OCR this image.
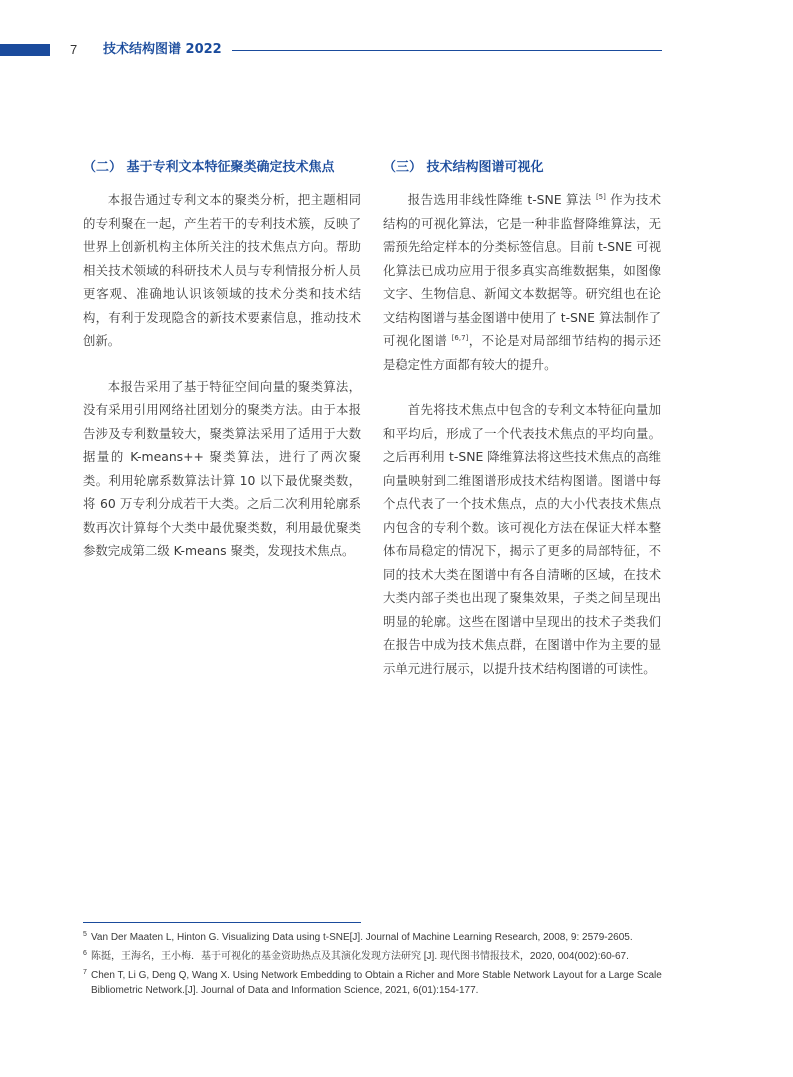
7 技术结构图谱 2022
（二） 基于专利文本特征聚类确定技术焦点

本报告通过专利文本的聚类分析，把主题相同的专利聚在一起，产生若干的专利技术簇，反映了世界上创新机构主体所关注的技术焦点方向。帮助相关技术领域的科研技术人员与专利情报分析人员更客观、准确地认识该领域的技术分类和技术结构，有利于发现隐含的新技术要素信息，推动技术创新。

本报告采用了基于特征空间向量的聚类算法，没有采用引用网络社团划分的聚类方法。由于本报告涉及专利数量较大，聚类算法采用了适用于大数据量的 K-means++ 聚类算法，进行了两次聚类。利用轮廓系数算法计算 10 以下最优聚类数，将 60 万专利分成若干大类。之后二次利用轮廓系数再次计算每个大类中最优聚类数，利用最优聚类参数完成第二级 K-means 聚类，发现技术焦点。

（三） 技术结构图谱可视化

报告选用非线性降维 t-SNE 算法 [5] 作为技术结构的可视化算法，它是一种非监督降维算法，无需预先给定样本的分类标签信息。目前 t-SNE 可视化算法已成功应用于很多真实高维数据集，如图像文字、生物信息、新闻文本数据等。研究组也在论文结构图谱与基金图谱中使用了 t-SNE 算法制作了可视化图谱 [6,7]，不论是对局部细节结构的揭示还是稳定性方面都有较大的提升。

首先将技术焦点中包含的专利文本特征向量加和平均后，形成了一个代表技术焦点的平均向量。之后再利用 t-SNE 降维算法将这些技术焦点的高维向量映射到二维图谱形成技术结构图谱。图谱中每个点代表了一个技术焦点，点的大小代表技术焦点内包含的专利个数。该可视化方法在保证大样本整体布局稳定的情况下，揭示了更多的局部特征，不同的技术大类在图谱中有各自清晰的区域，在技术大类内部子类也出现了聚集效果，子类之间呈现出明显的轮廓。这些在图谱中呈现出的技术子类我们在报告中成为技术焦点群，在图谱中作为主要的显示单元进行展示，以提升技术结构图谱的可读性。

5 Van Der Maaten L, Hinton G. Visualizing Data using t-SNE[J]. Journal of Machine Learning Research, 2008, 9: 2579-2605.
6 陈挺，王海名，王小梅．基于可视化的基金资助热点及其演化发现方法研究 [J]. 现代图书情报技术，2020, 004(002):60-67.
7 Chen T, Li G, Deng Q, Wang X. Using Network Embedding to Obtain a Richer and More Stable Network Layout for a Large Scale Bibliometric Network.[J]. Journal of Data and Information Science, 2021, 6(01):154-177.
